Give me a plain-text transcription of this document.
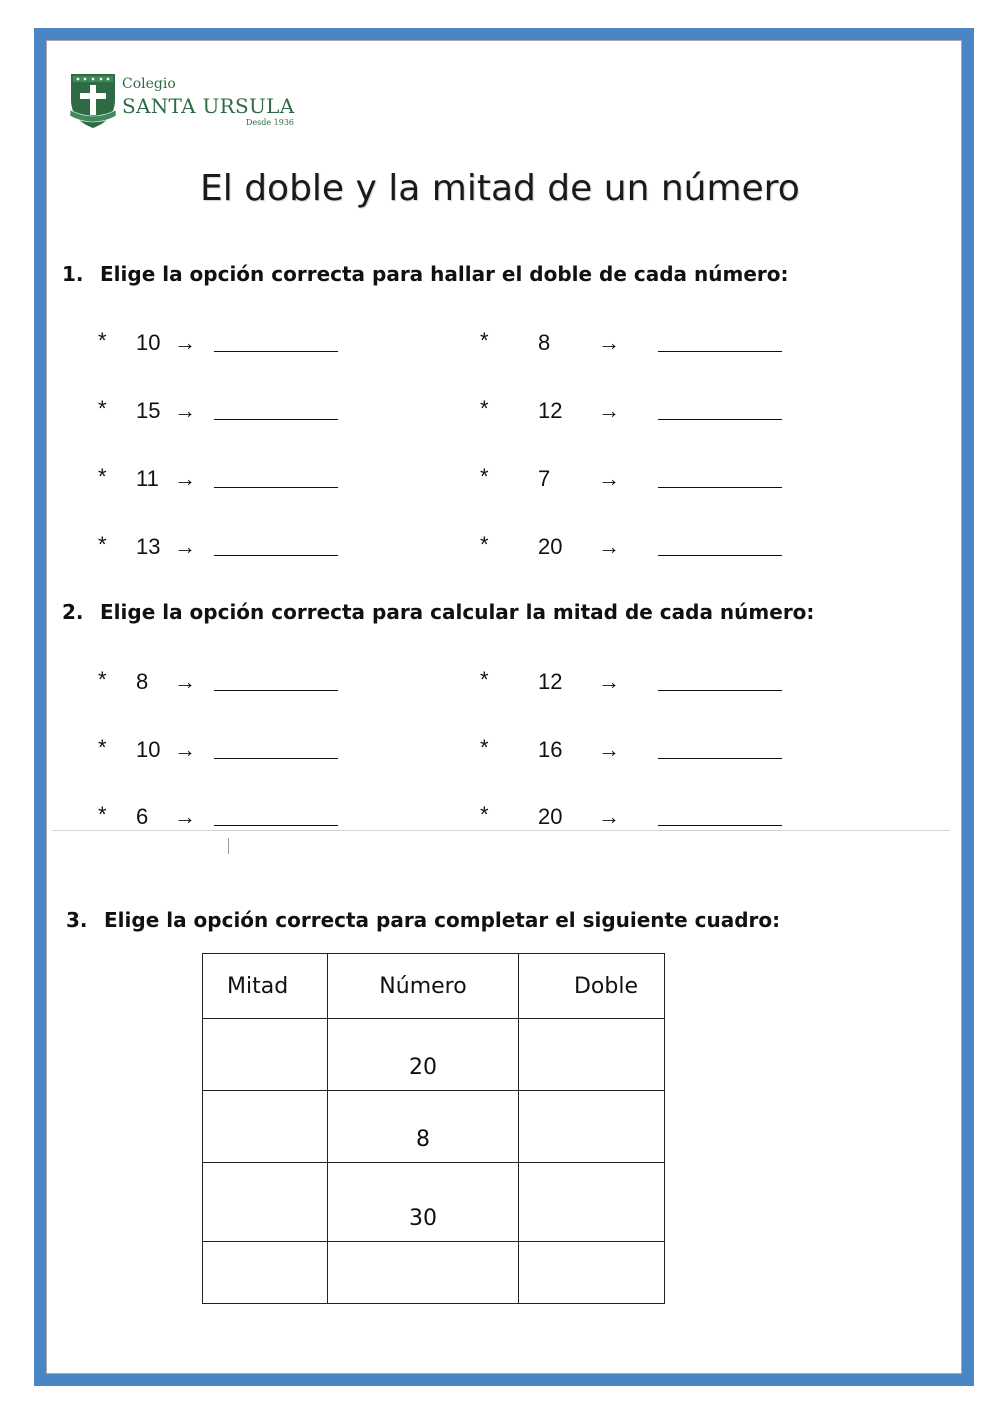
Colegio
SANTA URSULA
Desde 1936
El doble y la mitad de un número
1. Elige la opción correcta para hallar el doble de cada número:
* 10 →
* 15 →
* 11 →
* 13 →
* 8 →
* 12 →
* 7 →
* 20 →
2. Elige la opción correcta para calcular la mitad de cada número:
* 8 →
* 10 →
* 6 →
* 12 →
* 16 →
* 20 →
3. Elige la opción correcta para completar el siguiente cuadro:
Mitad	Número	Doble
	20	
	8	
	30	
